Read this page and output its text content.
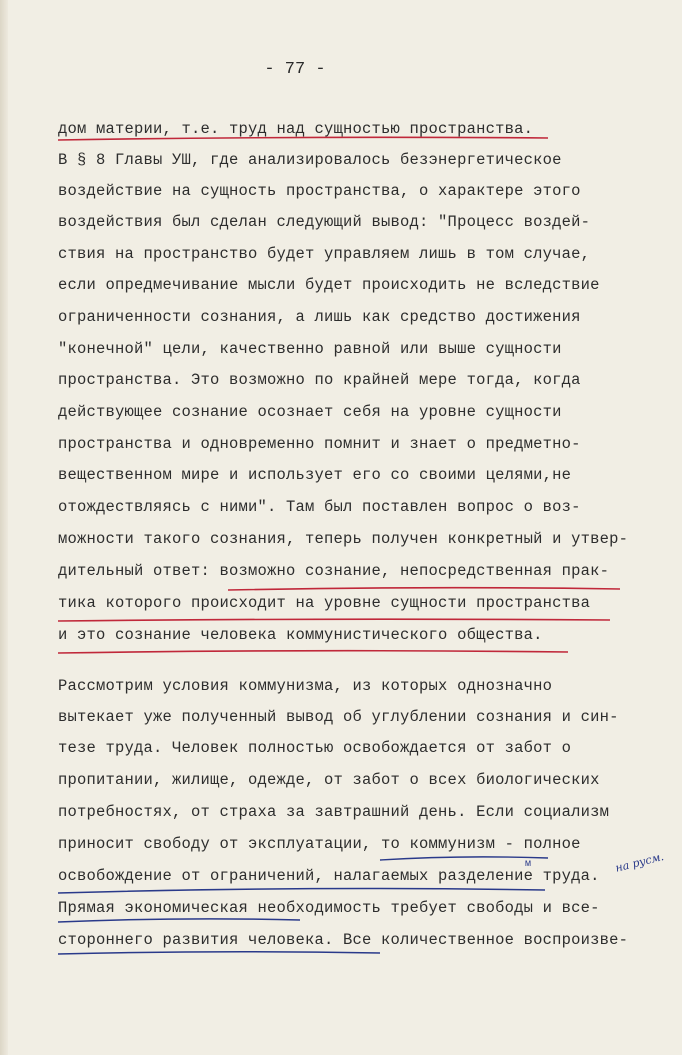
- 77 -
дом материи, т.е. труд над сущностью пространства.
В § 8 Главы УШ, где анализировалось безэнергетическое
воздействие на сущность пространства, о характере этого
воздействия был сделан следующий вывод: "Процесс воздей-
ствия на пространство будет управляем лишь в том случае,
если опредмечивание мысли будет происходить не вследствие
ограниченности сознания, а лишь как средство достижения
"конечной" цели, качественно равной или выше сущности
пространства. Это возможно по крайней мере тогда, когда
действующее сознание осознает себя на уровне сущности
пространства и одновременно помнит и знает о предметно-
вещественном мире и использует его со своими целями,не
отождествляясь с ними". Там был поставлен вопрос о воз-
можности такого сознания, теперь получен конкретный и утвер-
дительный ответ: возможно сознание, непосредственная прак-
тика которого происходит на уровне сущности пространства
и это сознание человека коммунистического общества.
Рассмотрим условия коммунизма, из которых однозначно
вытекает уже полученный вывод об углублении сознания и син-
тезе труда. Человек полностью освобождается от забот о
пропитании, жилище, одежде, от забот о всех биологических
потребностях, от страха за завтрашний день. Если социализм
приносит свободу от эксплуатации, то коммунизм - полное
освобождение от ограничений, налагаемых разделение труда.
Прямая экономическая необходимость требует свободы и все-
стороннего развития человека. Все количественное воспроизве-
м	на русм.
